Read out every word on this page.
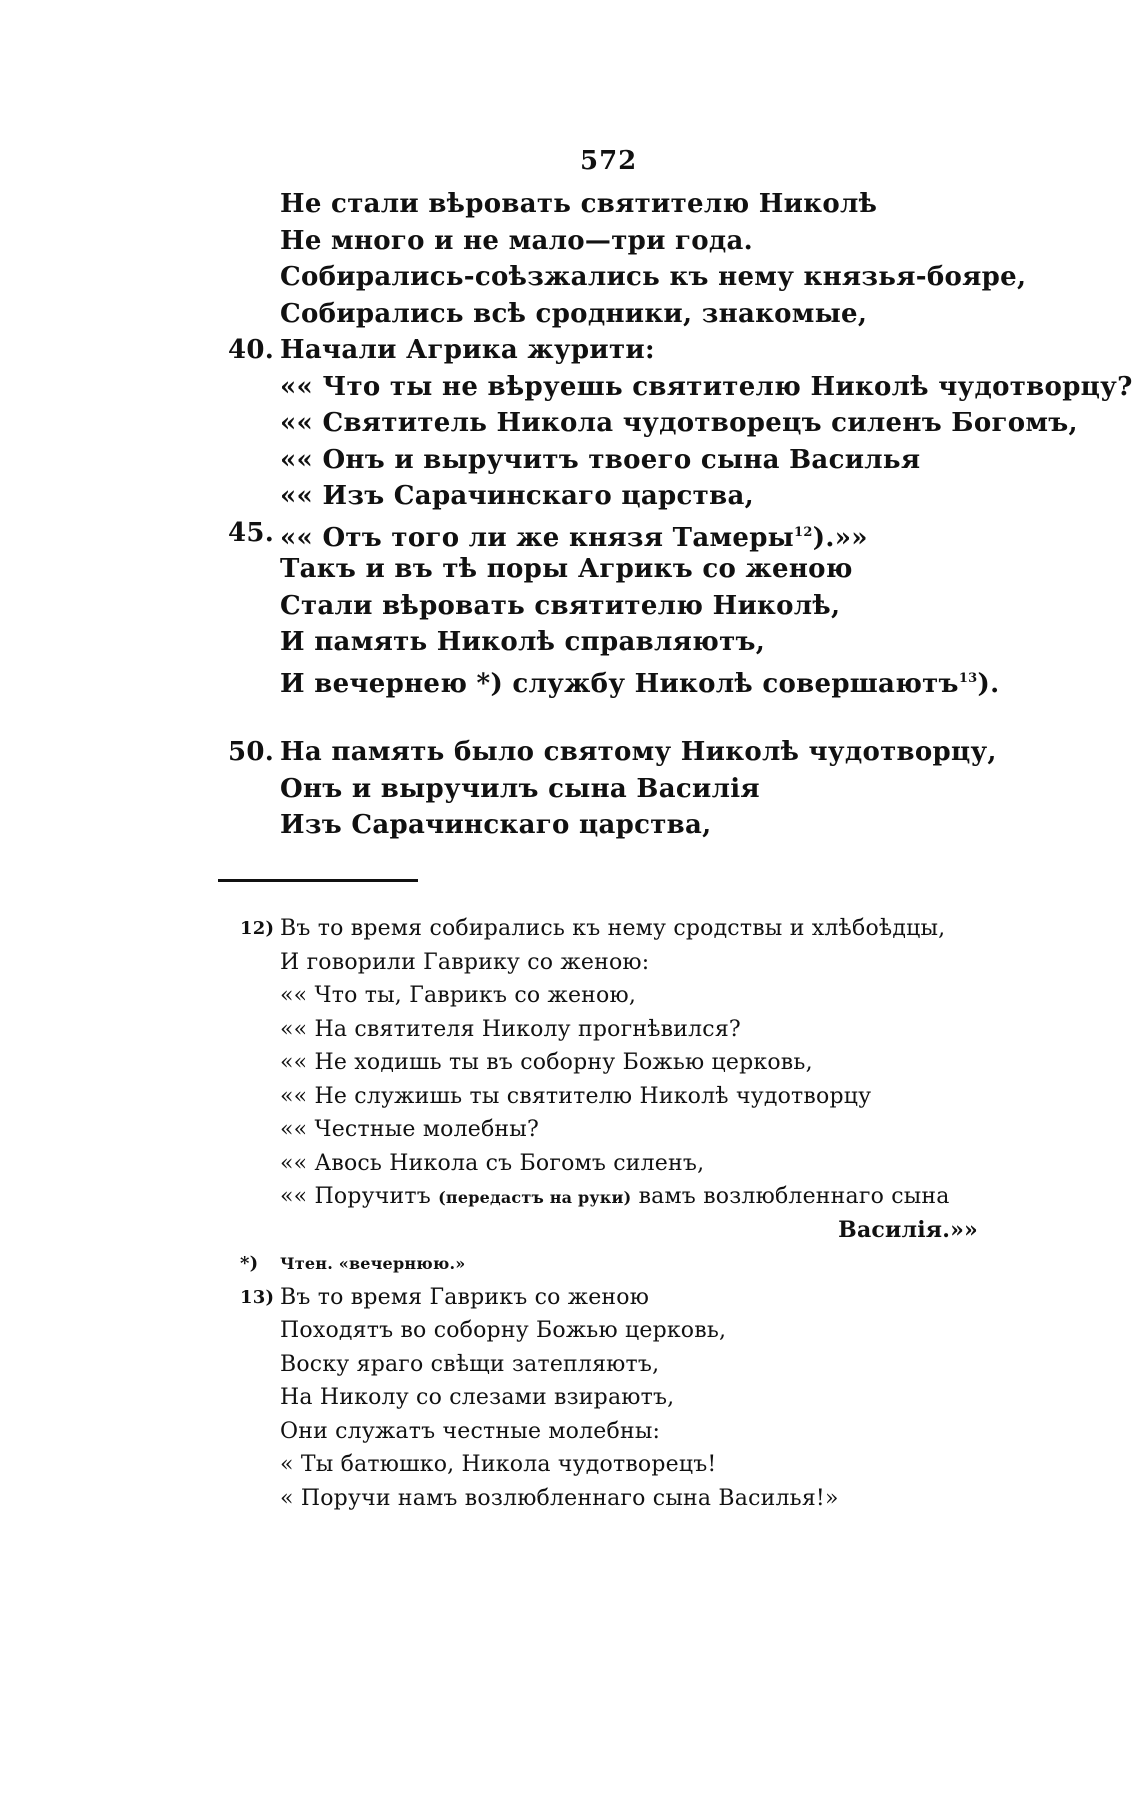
572
Не стали вѣровать святителю Николѣ
Не много и не мало—три года.
Собирались-соѣзжались къ нему князья-бояре,
Собирались всѣ сродники, знакомые,
40. Начали Агрика журити:
«« Что ты не вѣруешь святителю Николѣ чудотворцу?
«« Святитель Никола чудотворецъ силенъ Богомъ,
«« Онъ и выручитъ твоего сына Василья
«« Изъ Сарачинскаго царства,
45. «« Отъ того ли же князя Тамеры$^{12}$).»»
Такъ и въ тѣ поры Агрикъ со женою
Стали вѣровать святителю Николѣ,
И память Николѣ справляютъ,
И вечернею *) службу Николѣ совершаютъ$^{13}$).
50. На память было святому Николѣ чудотворцу,
Онъ и выручилъ сына Василія
Изъ Сарачинскаго царства,
12) Въ то время собирались къ нему сродствы и хлѣбоѣдцы,
И говорили Гаврику со женою:
«« Что ты, Гаврикъ со женою,
«« На святителя Николу прогнѣвился?
«« Не ходишь ты въ соборну Божью церковь,
«« Не служишь ты святителю Николѣ чудотворцу
«« Честные молебны?
«« Авось Никола съ Богомъ силенъ,
«« Поручитъ (передастъ на руки) вамъ возлюбленнаго сына
Василія.»»
*)	Чтен. «вечернюю.»
13) Въ то время Гаврикъ со женою
Походятъ во соборну Божью церковь,
Воску яраго свѣщи затепляютъ,
На Николу со слезами взираютъ,
Они служатъ честные молебны:
« Ты батюшко, Никола чудотворецъ!
« Поручи намъ возлюбленнаго сына Василья!»
